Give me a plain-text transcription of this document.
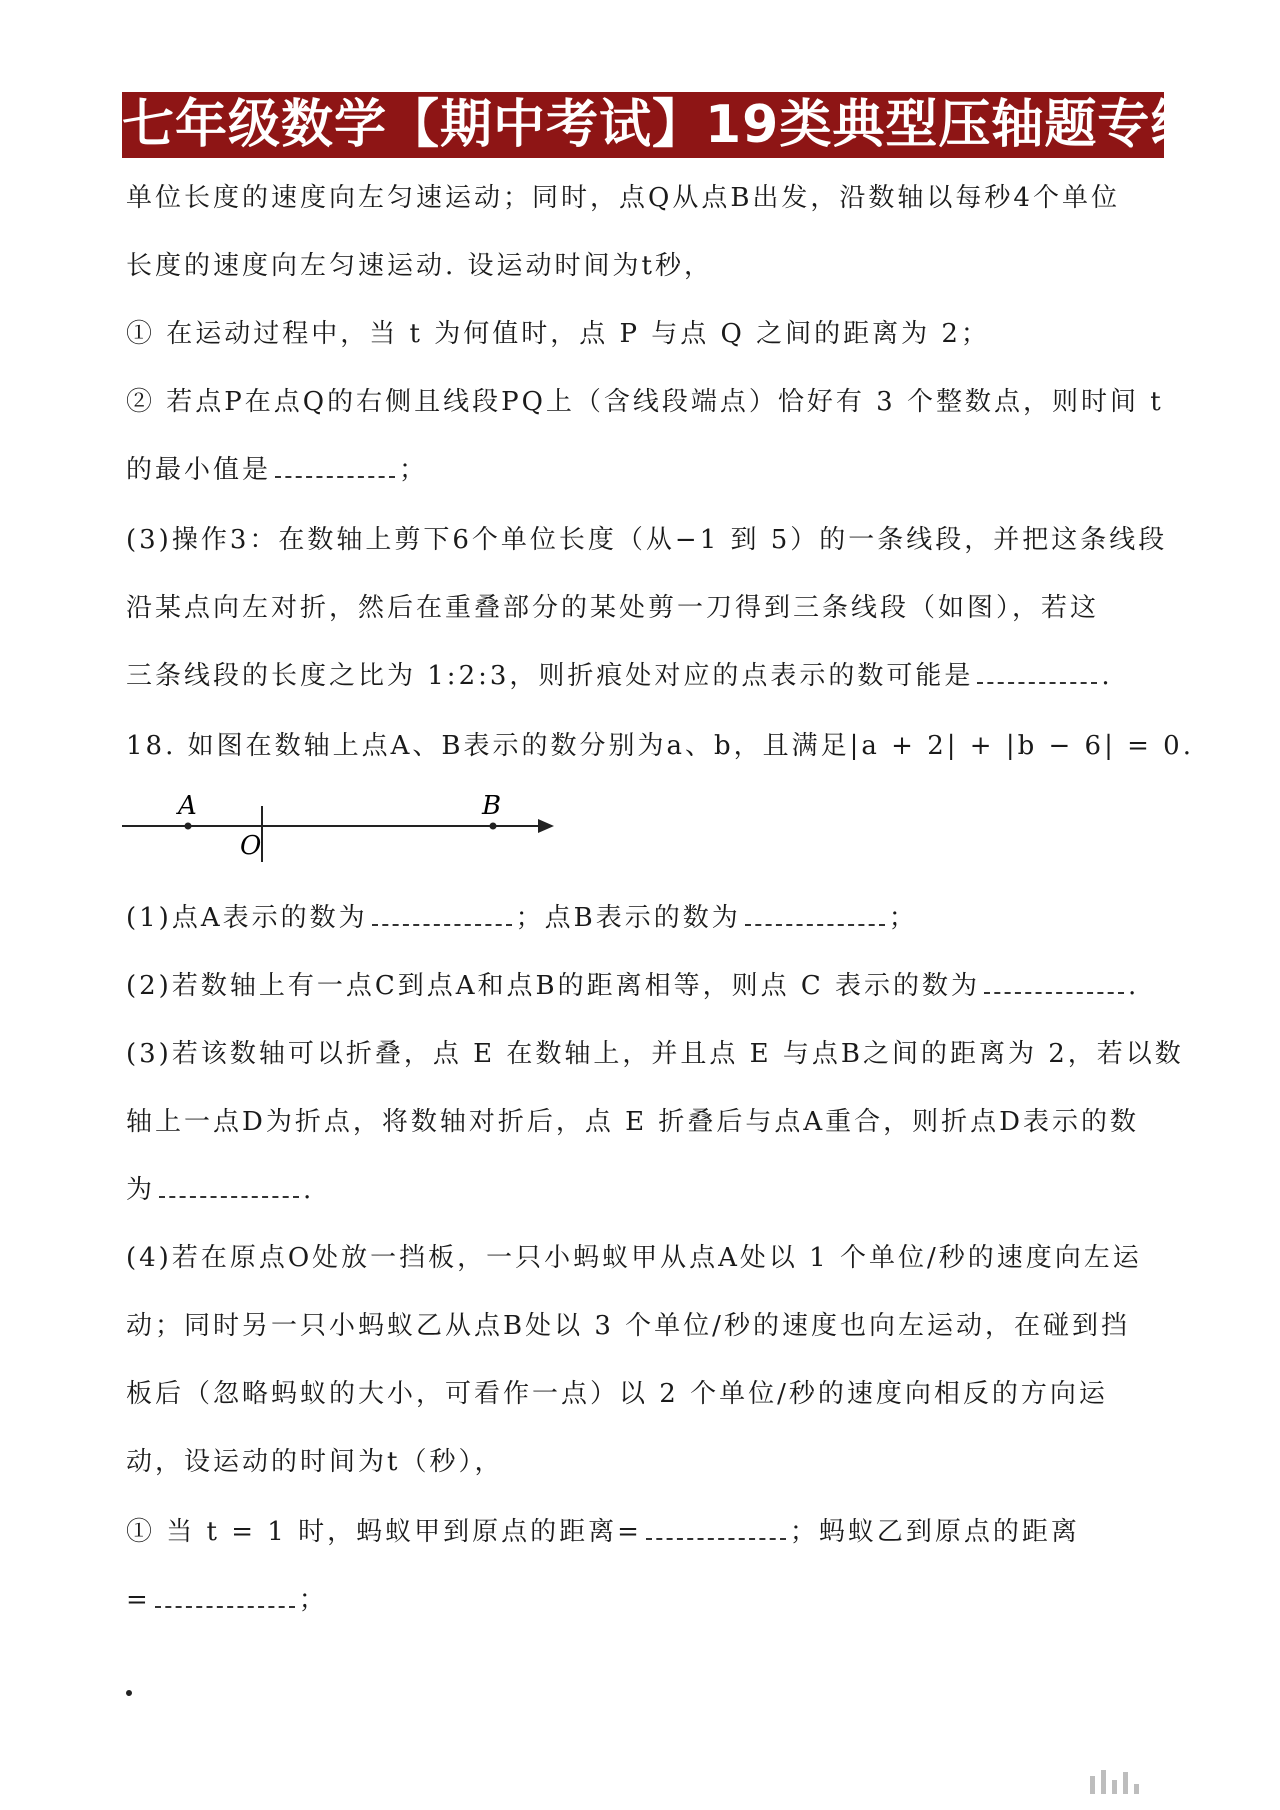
七年级数学【期中考试】19类典型压轴题专练
单位长度的速度向左匀速运动；同时，点Q从点B出发，沿数轴以每秒4个单位
长度的速度向左匀速运动. 设运动时间为t秒，
① 在运动过程中，当 t 为何值时，点 P 与点 Q 之间的距离为 2；
② 若点P在点Q的右侧且线段PQ上（含线段端点）恰好有 3 个整数点，则时间 t
的最小值是	；
(3)操作3：在数轴上剪下6个单位长度（从−1 到 5）的一条线段，并把这条线段
沿某点向左对折，然后在重叠部分的某处剪一刀得到三条线段（如图），若这
三条线段的长度之比为 1:2:3，则折痕处对应的点表示的数可能是	.
18. 如图在数轴上点A、B表示的数分别为a、b，且满足|a + 2| + |b − 6| = 0.
A
O
B
(1)点A表示的数为	；点B表示的数为	；
(2)若数轴上有一点C到点A和点B的距离相等，则点 C 表示的数为	.
(3)若该数轴可以折叠，点 E 在数轴上，并且点 E 与点B之间的距离为 2，若以数
轴上一点D为折点，将数轴对折后，点 E 折叠后与点A重合，则折点D表示的数
为	.
(4)若在原点O处放一挡板，一只小蚂蚁甲从点A处以 1 个单位/秒的速度向左运
动；同时另一只小蚂蚁乙从点B处以 3 个单位/秒的速度也向左运动，在碰到挡
板后（忽略蚂蚁的大小，可看作一点）以 2 个单位/秒的速度向相反的方向运
动，设运动的时间为t（秒），
① 当 t = 1 时，蚂蚁甲到原点的距离=	；蚂蚁乙到原点的距离
=	；
